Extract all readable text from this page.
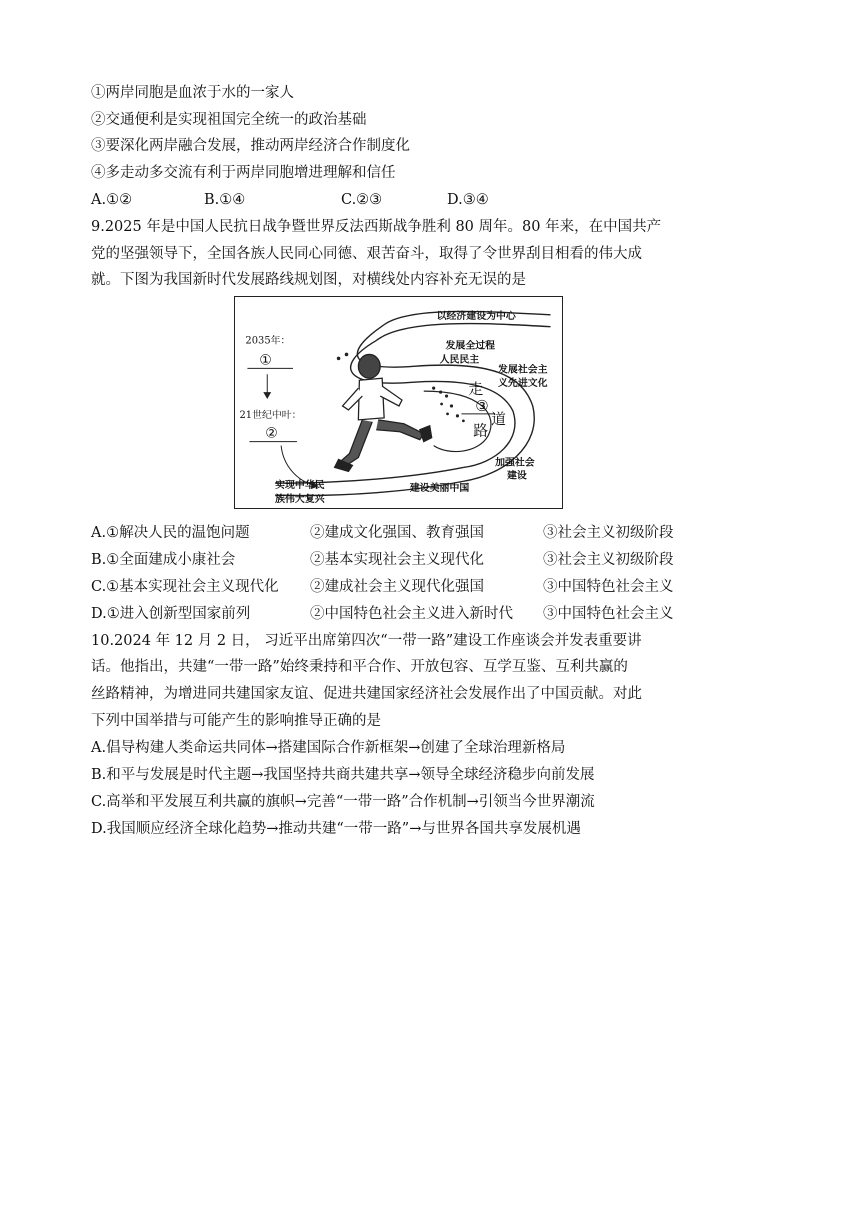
①两岸同胞是血浓于水的一家人
②交通便利是实现祖国完全统一的政治基础
③要深化两岸融合发展，推动两岸经济合作制度化
④多走动多交流有利于两岸同胞增进理解和信任
A.①②	B.①④	C.②③	D.③④
9.2025 年是中国人民抗日战争暨世界反法西斯战争胜利 80 周年。80 年来，在中国共产
党的坚强领导下，全国各族人民同心同德、艰苦奋斗，取得了令世界刮目相看的伟大成
就。下图为我国新时代发展路线规划图，对横线处内容补充无误的是
2035年：
①
21世纪中叶：
②
以经济建设为中心
发展全过程
人民民主
发展社会主
义先进文化
走
③
道
路
加强社会
建设
建设美丽中国
实现中华民
族伟大复兴
A.①解决人民的温饱问题	②建成文化强国、教育强国	③社会主义初级阶段
B.①全面建成小康社会	②基本实现社会主义现代化	③社会主义初级阶段
C.①基本实现社会主义现代化 ②建成社会主义现代化强国	③中国特色社会主义
D.①进入创新型国家前列	②中国特色社会主义进入新时代 ③中国特色社会主义
10.2024 年 12 月 2 日， 习近平出席第四次“一带一路”建设工作座谈会并发表重要讲
话。他指出，共建“一带一路”始终秉持和平合作、开放包容、互学互鉴、互利共赢的
丝路精神，为增进同共建国家友谊、促进共建国家经济社会发展作出了中国贡献。对此
下列中国举措与可能产生的影响推导正确的是
A.倡导构建人类命运共同体→搭建国际合作新框架→创建了全球治理新格局
B.和平与发展是时代主题→我国坚持共商共建共享→领导全球经济稳步向前发展
C.高举和平发展互利共赢的旗帜→完善“一带一路”合作机制→引领当今世界潮流
D.我国顺应经济全球化趋势→推动共建“一带一路”→与世界各国共享发展机遇
